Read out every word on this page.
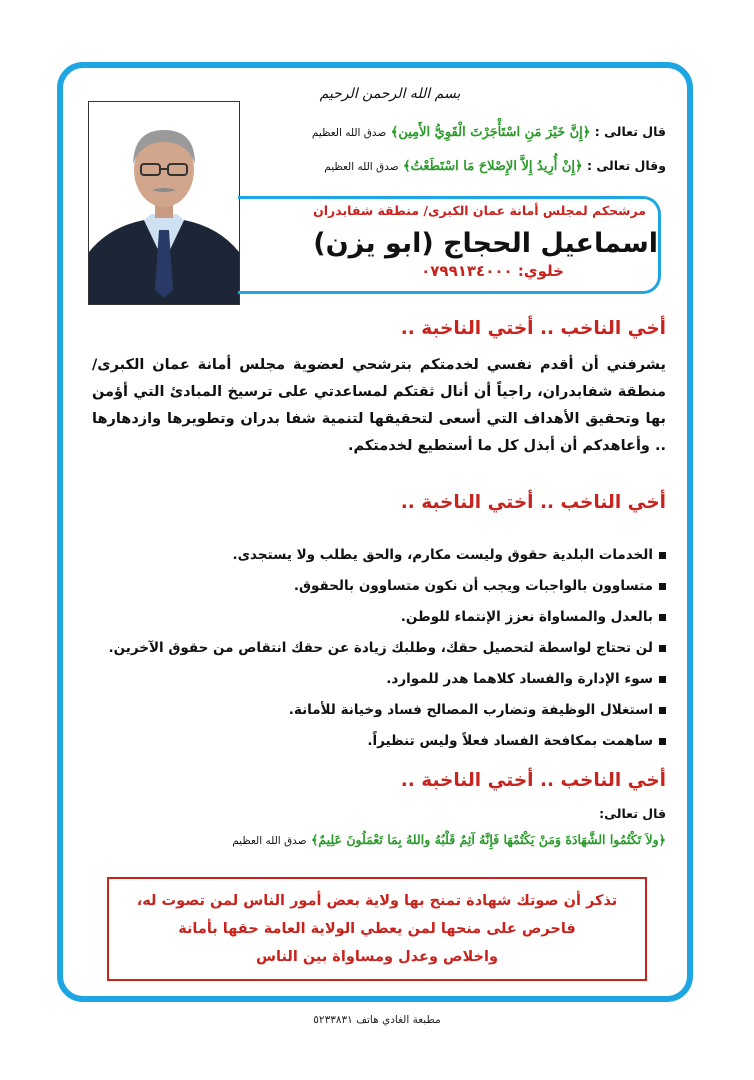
بسم الله الرحمن الرحيم
قال تعالى : ﴿إِنَّ خَيْرَ مَنِ اسْتَأْجَرْتَ الْقَوِيُّ الأَمِين﴾ صدق الله العظيم
وقال تعالى : ﴿إِنْ أُرِيدُ إِلاَّ الإِصْلاحَ مَا اسْتَطَعْتُ﴾ صدق الله العظيم
مرشحكم لمجلس أمانة عمان الكبرى/ منطقة شفابدران
اسماعيل الحجاج (ابو يزن)
خلوي: ٠٧٩٩١٣٤٠٠٠
أخي الناخب .. أختي الناخبة ..
يشرفني أن أقدم نفسي لخدمتكم بترشحي لعضوية مجلس أمانة عمان الكبرى/ منطقة شفابدران، راجياً أن أنال ثقتكم لمساعدتي على ترسيخ المبادئ التي أؤمن بها وتحقيق الأهداف التي أسعى لتحقيقها لتنمية شفا بدران وتطويرها وازدهارها .. وأعاهدكم أن أبذل كل ما أستطيع لخدمتكم.
أخي الناخب .. أختي الناخبة ..
الخدمات البلدية حقوق وليست مكارم، والحق يطلب ولا يستجدى.
متساوون بالواجبات ويجب أن نكون متساوون بالحقوق.
بالعدل والمساواة نعزز الإنتماء للوطن.
لن تحتاج لواسطة لتحصيل حقك، وطلبك زيادة عن حقك انتقاص من حقوق الآخرين.
سوء الإدارة والفساد كلاهما هدر للموارد.
استغلال الوظيفة وتضارب المصالح فساد وخيانة للأمانة.
ساهمت بمكافحة الفساد فعلاً وليس تنظيراً.
أخي الناخب .. أختي الناخبة ..
قال تعالى:
﴿ولاَ تَكْتُمُوا الشَّهَادَةَ وَمَنْ يَكْتُمْهَا فَإِنَّهُ آثِمٌ قَلْبُهُ واللهُ بِمَا تَعْمَلُونَ عَلِيمٌ﴾ صدق الله العظيم
تذكر أن صوتك شهادة تمنح بها ولاية بعض أمور الناس لمن تصوت له،
فاحرص على منحها لمن يعطي الولاية العامة حقها بأمانة
واخلاص وعدل ومساواة بين الناس
مطبعة الغادي هاتف ٥٢٣٣٨٣١
